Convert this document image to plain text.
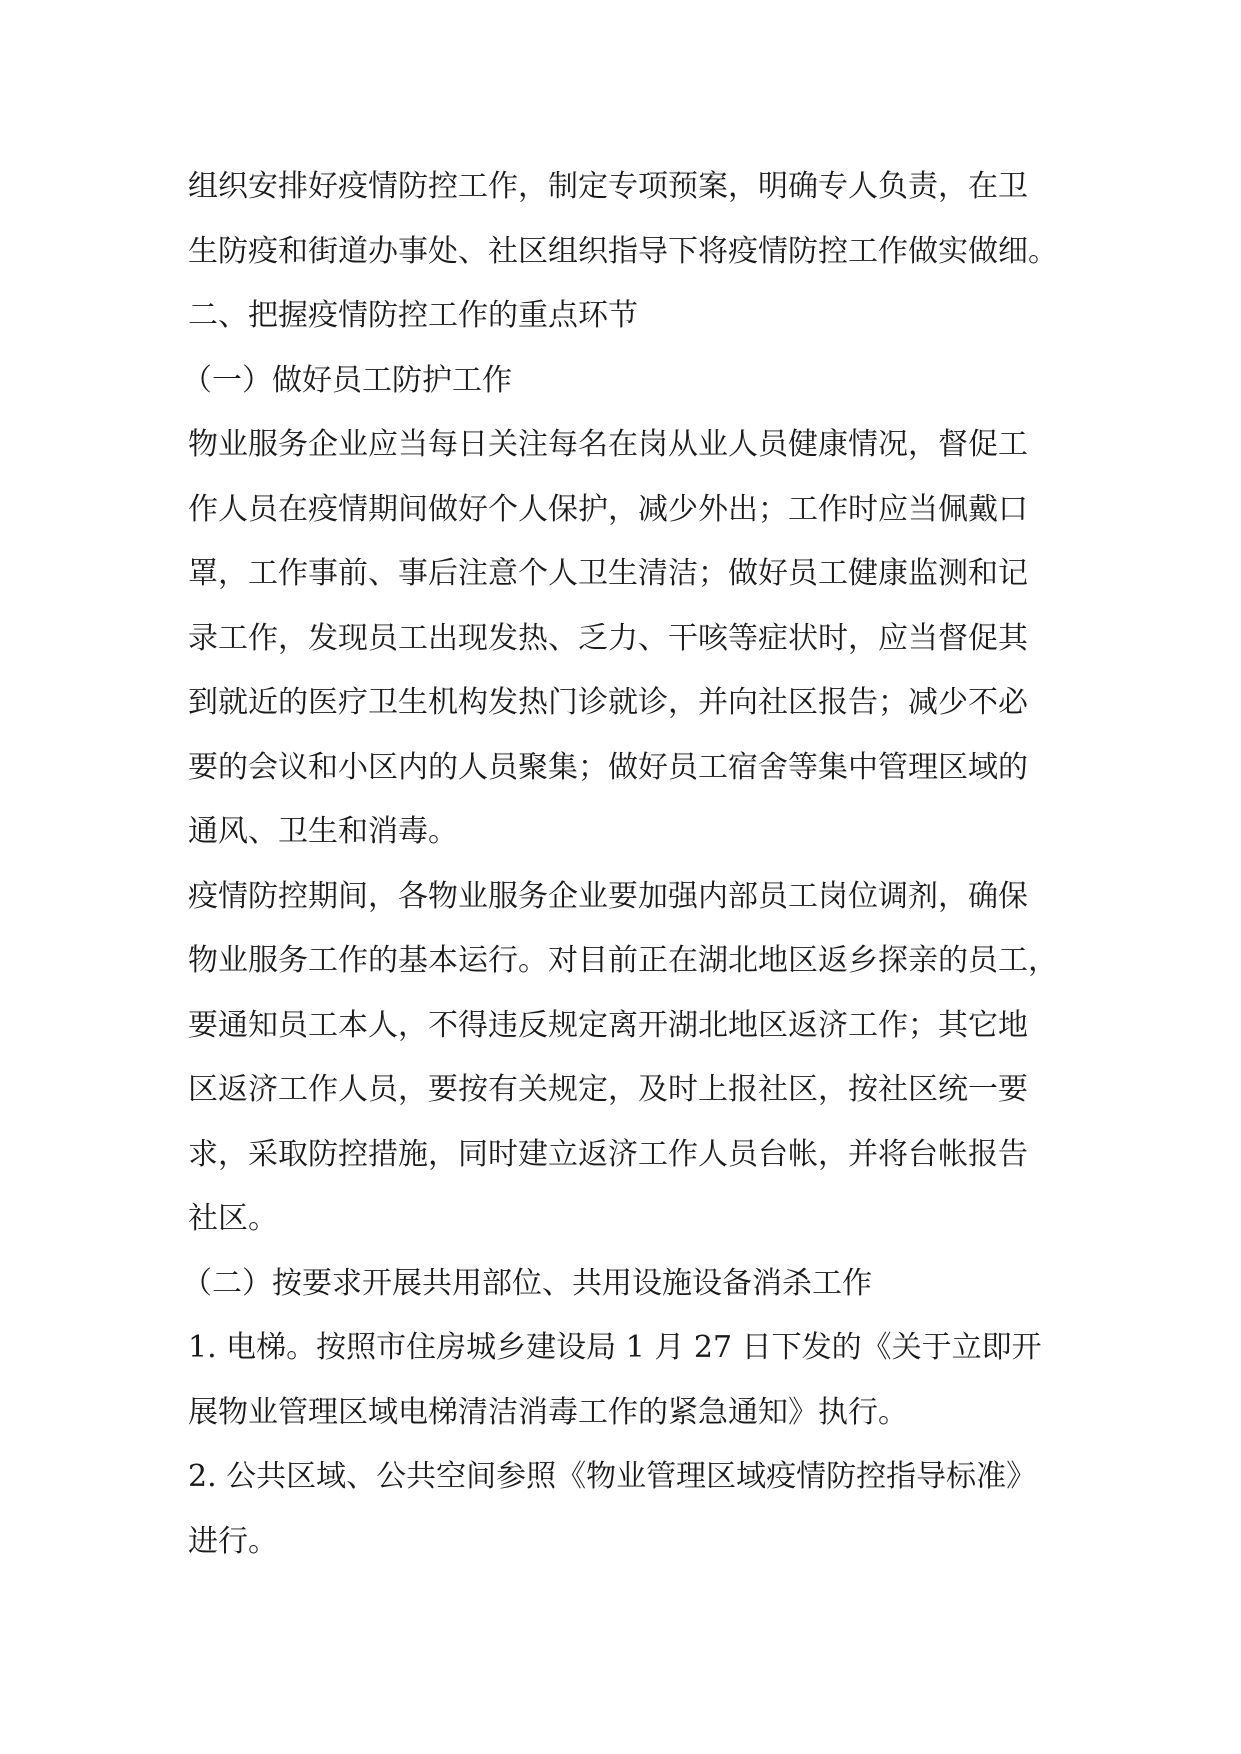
组织安排好疫情防控工作，制定专项预案，明确专人负责，在卫
生防疫和街道办事处、社区组织指导下将疫情防控工作做实做细。
二、把握疫情防控工作的重点环节
（一）做好员工防护工作
物业服务企业应当每日关注每名在岗从业人员健康情况，督促工
作人员在疫情期间做好个人保护，减少外出；工作时应当佩戴口
罩，工作事前、事后注意个人卫生清洁；做好员工健康监测和记
录工作，发现员工出现发热、乏力、干咳等症状时，应当督促其
到就近的医疗卫生机构发热门诊就诊，并向社区报告；减少不必
要的会议和小区内的人员聚集；做好员工宿舍等集中管理区域的
通风、卫生和消毒。
疫情防控期间，各物业服务企业要加强内部员工岗位调剂，确保
物业服务工作的基本运行。对目前正在湖北地区返乡探亲的员工，
要通知员工本人，不得违反规定离开湖北地区返济工作；其它地
区返济工作人员，要按有关规定，及时上报社区，按社区统一要
求，采取防控措施，同时建立返济工作人员台帐，并将台帐报告
社区。
（二）按要求开展共用部位、共用设施设备消杀工作
1. 电梯。按照市住房城乡建设局 1 月 27 日下发的《关于立即开
展物业管理区域电梯清洁消毒工作的紧急通知》执行。
2. 公共区域、公共空间参照《物业管理区域疫情防控指导标准》
进行。
